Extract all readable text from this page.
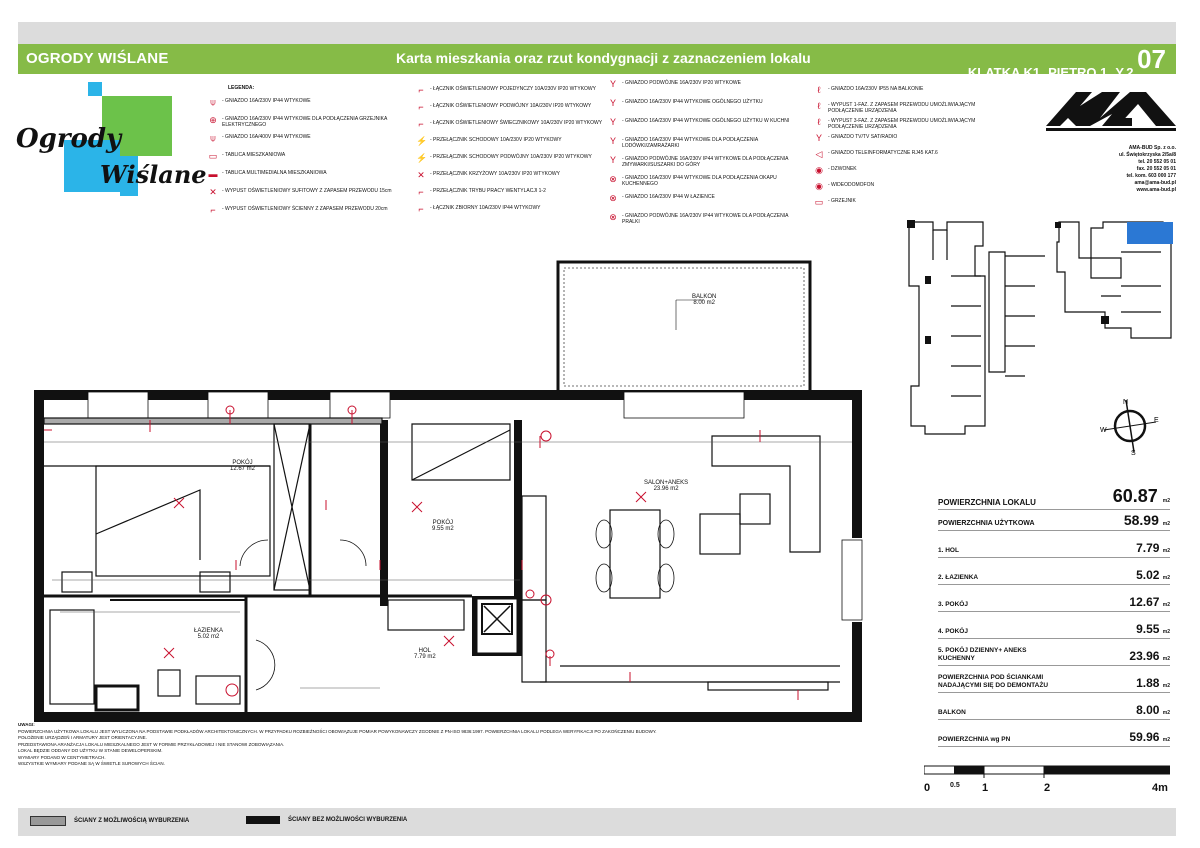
OGRODY WIŚLANE	Karta mieszkania oraz rzut kondygnacji z zaznaczeniem lokalu
KLATKA K1 PIĘTRO 1 Y.2. 07
Ogrody
Wiślane
LEGENDA:
⍦	- GNIAZDO 16A/230V IP44 WTYKOWE
⊕ - GNIAZDO 16A/230V IP44 WTYKOWE DLA PODŁĄCZENIA GRZEJNIKA ELEKTRYCZNEGO
⍦	- GNIAZDO 16A/400V IP44 WTYKOWE
▭ - TABLICA MIESZKANIOWA
▬ - TABLICA MULTIMEDIALNA MIESZKANIOWA
✕ - WYPUST OŚWIETLENIOWY SUFITOWY Z ZAPASEM PRZEWODU 15cm
⌐	- WYPUST OŚWIETLENIOWY ŚCIENNY Z ZAPASEM PRZEWODU 20cm
⌐	- ŁĄCZNIK OŚWIETLENIOWY POJEDYNCZY 10A/230V IP20 WTYKOWY
⌐	- ŁĄCZNIK OŚWIETLENIOWY PODWÓJNY 10A/230V IP20 WTYKOWY
⌐	- ŁĄCZNIK OŚWIETLENIOWY ŚWIECZNIKOWY 10A/230V IP20 WTYKOWY
⚡ - PRZEŁĄCZNIK SCHODOWY 10A/230V IP20 WTYKOWY
⚡ - PRZEŁĄCZNIK SCHODOWY PODWÓJNY 10A/230V IP20 WTYKOWY
✕ - PRZEŁĄCZNIK KRZYŻOWY 10A/230V IP20 WTYKOWY
⌐	- PRZEŁĄCZNIK TRYBU PRACY WENTYLACJI 1-2
⌐	- ŁĄCZNIK ZBIORNY 10A/230V IP44 WTYKOWY
Y	- GNIAZDO PODWÓJNE 16A/230V IP20 WTYKOWE
Y	- GNIAZDO 16A/230V IP44 WTYKOWE OGÓLNEGO UŻYTKU
Y	- GNIAZDO 16A/230V IP44 WTYKOWE OGÓLNEGO UŻYTKU W KUCHNI
Y	- GNIAZDO 16A/230V IP44 WTYKOWE DLA PODŁĄCZENIA LODÓWKI/ZAMRAŻARKI
Y	- GNIAZDO PODWÓJNE 16A/230V IP44 WTYKOWE DLA PODŁĄCZENIA ZMYWARKI/SUSZARKI DO GÓRY
⊗ - GNIAZDO 16A/230V IP44 WTYKOWE DLA PODŁĄCZENIA OKAPU KUCHENNEGO
⊗ - GNIAZDO 16A/230V IP44 W ŁAZIENCE
⊗ - GNIAZDO PODWÓJNE 16A/230V IP44 WTYKOWE DLA PODŁĄCZENIA PRALKI
ℓ	- GNIAZDO 16A/230V IP55 NA BALKONIE
ℓ	- WYPUST 1-FAZ. Z ZAPASEM PRZEWODU UMOŻLIWIAJĄCYM PODŁĄCZENIE URZĄDZENIA
ℓ	- WYPUST 3-FAZ. Z ZAPASEM PRZEWODU UMOŻLIWIAJĄCYM PODŁĄCZENIE URZĄDZENIA
Y	- GNIAZDO TV/TV SAT/RADIO
◁	- GNIAZDO TELEINFORMATYCZNE RJ45 KAT.6
◉ - DZWONEK
◉ - WIDEODOMOFON
▭ - GRZEJNIK
AMA-BUD Sp. z o.o.
ul. Świętokrzyska 2/5a/8
tel. 20 552 05 01
fax. 20 552 05 01
tel. kom. 603 000 177
ama@ama-bud.pl
www.ama-bud.pl
N
E
S
W
POKÓJ
12.67 m2
POKÓJ
9.55 m2
SALON+ANEKS
23.96 m2
ŁAZIENKA
5.02 m2
HOL
7.79 m2
BALKON
8.00 m2
POWIERZCHNIA LOKALU	60.87 m2
POWIERZCHNIA UŻYTKOWA	58.99 m2
1. HOL	7.79 m2
2. ŁAZIENKA	5.02 m2
3. POKÓJ	12.67 m2
4. POKÓJ	9.55 m2
5. POKÓJ DZIENNY+ ANEKS KUCHENNY	23.96 m2
POWIERZCHNIA POD ŚCIANKAMI NADAJĄCYMI SIĘ DO DEMONTAŻU	1.88 m2
BALKON	8.00 m2
POWIERZCHNIA wg PN	59.96 m2
0	0.5 1	2	4m
UWAGI:
POWIERZCHNIA UŻYTKOWA LOKALU JEST WYLICZONA NA PODSTAWIE PODKŁADÓW ARCHITEKTONICZNYCH. W PRZYPADKU ROZBIEŻNOŚCI OBOWIĄZUJE POMIAR POWYKONAWCZY ZGODNIE Z PN-ISO 9836:1997. POWIERZCHNIA LOKALU PODLEGA WERYFIKACJI PO ZAKOŃCZENIU BUDOWY.
POŁOŻENIE URZĄDZEŃ I ARMATURY JEST ORIENTACYJNE.
PRZEDSTAWIONA ARANŻACJA LOKALU MIESZKALNEGO JEST W FORMIE PRZYKŁADOWEJ I NIE STANOWI ZOBOWIĄZANIA.
LOKAL BĘDZIE ODDANY DO UŻYTKU W STANIE DEWELOPERSKIM.
WYMIARY PODANO W CENTYMETRACH.
WSZYSTKIE WYMIARY PODANE SĄ W ŚWIETLE SUROWYCH ŚCIAN.
ŚCIANY Z MOŻLIWOŚCIĄ WYBURZENIA	ŚCIANY BEZ MOŻLIWOŚCI WYBURZENIA
